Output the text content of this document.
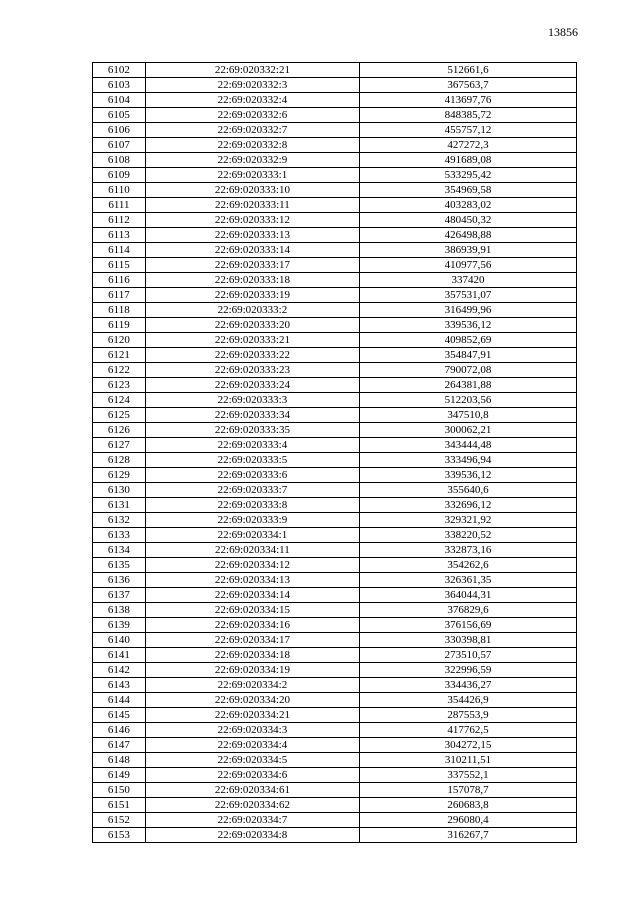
13856
6102	22:69:020332:21	512661,6
6103	22:69:020332:3	367563,7
6104	22:69:020332:4	413697,76
6105	22:69:020332:6	848385,72
6106	22:69:020332:7	455757,12
6107	22:69:020332:8	427272,3
6108	22:69:020332:9	491689,08
6109	22:69:020333:1	533295,42
6110	22:69:020333:10	354969,58
6111	22:69:020333:11	403283,02
6112	22:69:020333:12	480450,32
6113	22:69:020333:13	426498,88
6114	22:69:020333:14	386939,91
6115	22:69:020333:17	410977,56
6116	22:69:020333:18	337420
6117	22:69:020333:19	357531,07
6118	22:69:020333:2	316499,96
6119	22:69:020333:20	339536,12
6120	22:69:020333:21	409852,69
6121	22:69:020333:22	354847,91
6122	22:69:020333:23	790072,08
6123	22:69:020333:24	264381,88
6124	22:69:020333:3	512203,56
6125	22:69:020333:34	347510,8
6126	22:69:020333:35	300062,21
6127	22:69:020333:4	343444,48
6128	22:69:020333:5	333496,94
6129	22:69:020333:6	339536,12
6130	22:69:020333:7	355640,6
6131	22:69:020333:8	332696,12
6132	22:69:020333:9	329321,92
6133	22:69:020334:1	338220,52
6134	22:69:020334:11	332873,16
6135	22:69:020334:12	354262,6
6136	22:69:020334:13	326361,35
6137	22:69:020334:14	364044,31
6138	22:69:020334:15	376829,6
6139	22:69:020334:16	376156,69
6140	22:69:020334:17	330398,81
6141	22:69:020334:18	273510,57
6142	22:69:020334:19	322996,59
6143	22:69:020334:2	334436,27
6144	22:69:020334:20	354426,9
6145	22:69:020334:21	287553,9
6146	22:69:020334:3	417762,5
6147	22:69:020334:4	304272,15
6148	22:69:020334:5	310211,51
6149	22:69:020334:6	337552,1
6150	22:69:020334:61	157078,7
6151	22:69:020334:62	260683,8
6152	22:69:020334:7	296080,4
6153	22:69:020334:8	316267,7
